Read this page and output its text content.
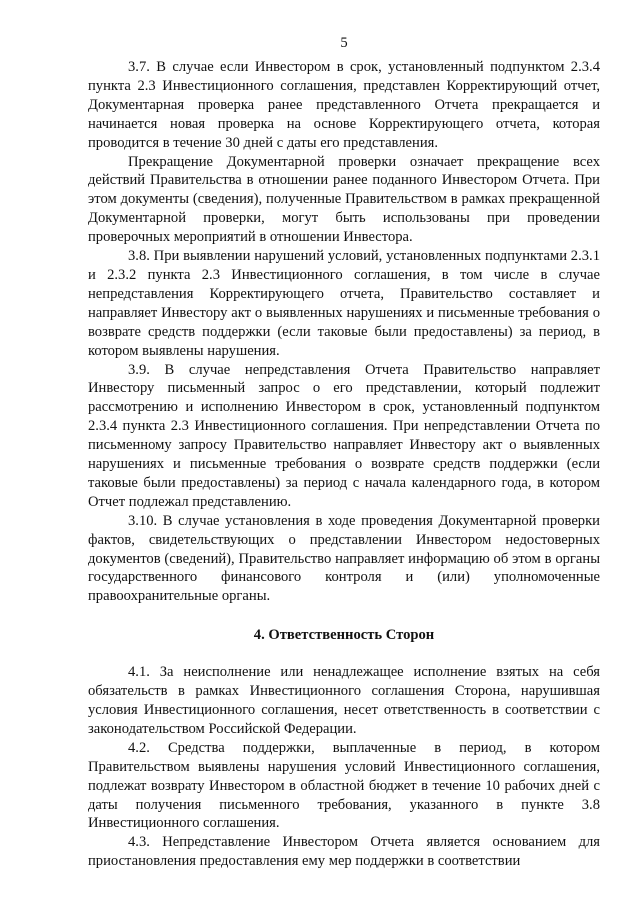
5

3.7. В случае если Инвестором в срок, установленный подпунктом 2.3.4 пункта 2.3 Инвестиционного соглашения, представлен Корректирующий отчет, Документарная проверка ранее представленного Отчета прекращается и начинается новая проверка на основе Корректирующего отчета, которая проводится в течение 30 дней с даты его представления.

Прекращение Документарной проверки означает прекращение всех действий Правительства в отношении ранее поданного Инвестором Отчета. При этом документы (сведения), полученные Правительством в рамках прекращенной Документарной проверки, могут быть использованы при проведении проверочных мероприятий в отношении Инвестора.

3.8. При выявлении нарушений условий, установленных подпунктами 2.3.1 и 2.3.2 пункта 2.3 Инвестиционного соглашения, в том числе в случае непредставления Корректирующего отчета, Правительство составляет и направляет Инвестору акт о выявленных нарушениях и письменные требования о возврате средств поддержки (если таковые были предоставлены) за период, в котором выявлены нарушения.

3.9. В случае непредставления Отчета Правительство направляет Инвестору письменный запрос о его представлении, который подлежит рассмотрению и исполнению Инвестором в срок, установленный подпунктом 2.3.4 пункта 2.3 Инвестиционного соглашения. При непредставлении Отчета по письменному запросу Правительство направляет Инвестору акт о выявленных нарушениях и письменные требования о возврате средств поддержки (если таковые были предоставлены) за период с начала календарного года, в котором Отчет подлежал представлению.

3.10. В случае установления в ходе проведения Документарной проверки фактов, свидетельствующих о представлении Инвестором недостоверных документов (сведений), Правительство направляет информацию об этом в органы государственного финансового контроля и (или) уполномоченные правоохранительные органы.

4. Ответственность Сторон

4.1. За неисполнение или ненадлежащее исполнение взятых на себя обязательств в рамках Инвестиционного соглашения Сторона, нарушившая условия Инвестиционного соглашения, несет ответственность в соответствии с законодательством Российской Федерации.

4.2. Средства поддержки, выплаченные в период, в котором Правительством выявлены нарушения условий Инвестиционного соглашения, подлежат возврату Инвестором в областной бюджет в течение 10 рабочих дней с даты получения письменного требования, указанного в пункте 3.8 Инвестиционного соглашения.

4.3. Непредставление Инвестором Отчета является основанием для приостановления предоставления ему мер поддержки в соответствии
